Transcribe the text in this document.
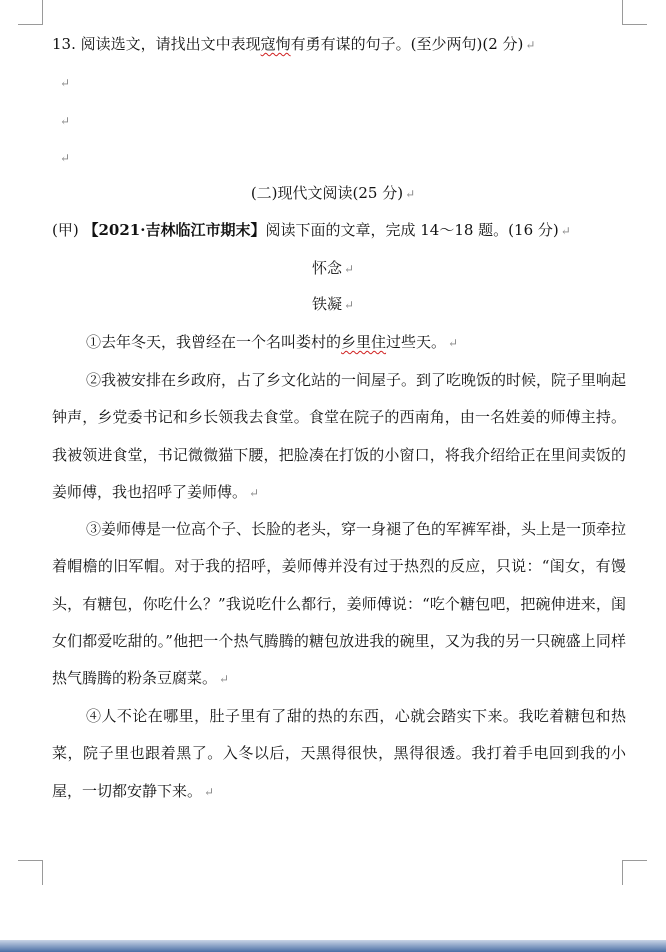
13. 阅读选文，请找出文中表现寇恂有勇有谋的句子。(至少两句)(2 分) ↵
↵
↵
↵
(二)现代文阅读(25 分) ↵
(甲) 【2021·吉林临江市期末】阅读下面的文章，完成 14～18 题。(16 分) ↵
怀念 ↵
铁凝 ↵
①去年冬天，我曾经在一个名叫娄村的乡里住过些天。 ↵
②我被安排在乡政府，占了乡文化站的一间屋子。到了吃晚饭的时候，院子里响起钟声，乡党委书记和乡长领我去食堂。食堂在院子的西南角，由一名姓姜的师傅主持。我被领进食堂，书记微微猫下腰，把脸凑在打饭的小窗口，将我介绍给正在里间卖饭的姜师傅，我也招呼了姜师傅。 ↵
③姜师傅是一位高个子、长脸的老头，穿一身褪了色的军裤军褂，头上是一顶牵拉着帽檐的旧军帽。对于我的招呼，姜师傅并没有过于热烈的反应，只说：“闺女，有馒头，有糖包，你吃什么？”我说吃什么都行，姜师傅说：“吃个糖包吧，把碗伸进来，闺女们都爱吃甜的。”他把一个热气腾腾的糖包放进我的碗里，又为我的另一只碗盛上同样热气腾腾的粉条豆腐菜。 ↵
④人不论在哪里，肚子里有了甜的热的东西，心就会踏实下来。我吃着糖包和热菜，院子里也跟着黑了。入冬以后，天黑得很快，黑得很透。我打着手电回到我的小屋，一切都安静下来。 ↵
